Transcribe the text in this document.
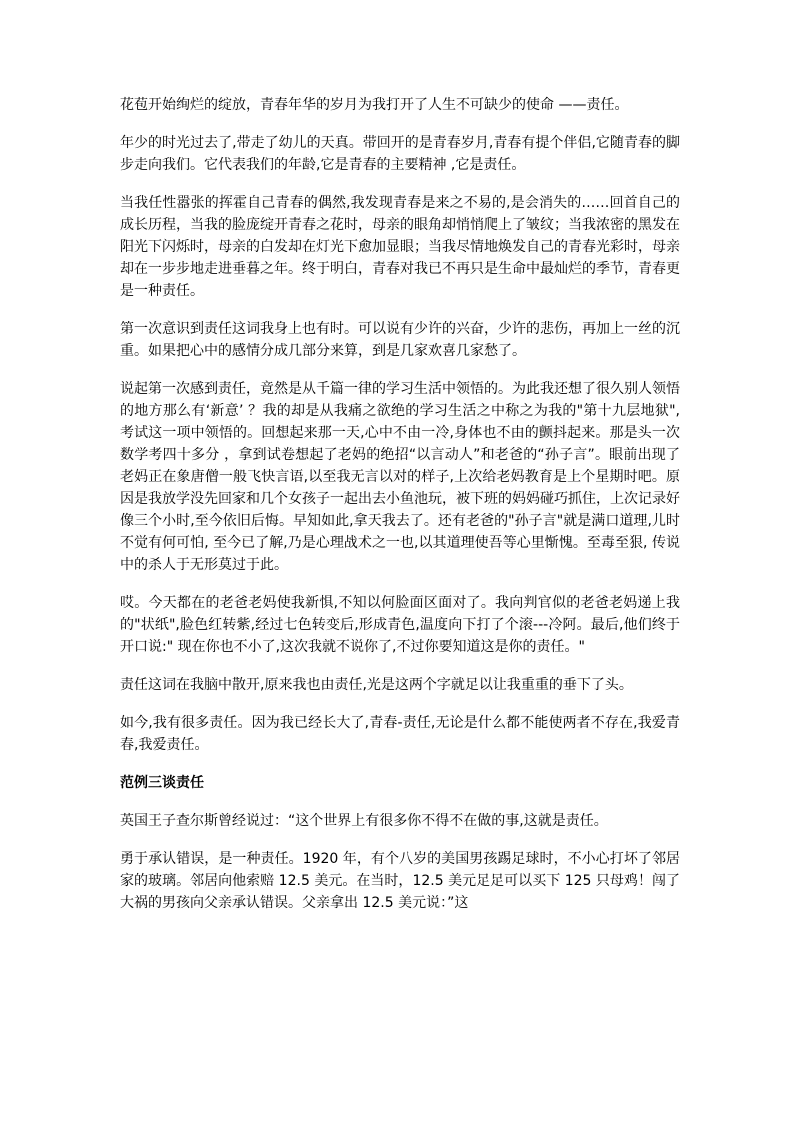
花苞开始绚烂的绽放，青春年华的岁月为我打开了人生不可缺少的使命 ——责任。

年少的时光过去了,带走了幼儿的天真。带回开的是青春岁月,青春有提个伴侣,它随青春的脚步走向我们。它代表我们的年龄,它是青春的主要精神 ,它是责任。

当我任性嚣张的挥霍自己青春的偶然,我发现青春是来之不易的,是会消失的……回首自己的成长历程，当我的脸庞绽开青春之花时，母亲的眼角却悄悄爬上了皱纹；当我浓密的黑发在阳光下闪烁时，母亲的白发却在灯光下愈加显眼；当我尽情地焕发自己的青春光彩时，母亲却在一步步地走进垂暮之年。终于明白，青春对我已不再只是生命中最灿烂的季节，青春更是一种责任。

第一次意识到责任这词我身上也有时。可以说有少许的兴奋，少许的悲伤，再加上一丝的沉重。如果把心中的感情分成几部分来算，到是几家欢喜几家愁了。

说起第一次感到责任，竟然是从千篇一律的学习生活中领悟的。为此我还想了很久别人领悟的地方那么有‘新意’ ？我的却是从我痛之欲绝的学习生活之中称之为我的"第十九层地狱",考试这一项中领悟的。回想起来那一天,心中不由一冷,身体也不由的颤抖起来。那是头一次数学考四十多分 ，拿到试卷想起了老妈的绝招“以言动人”和老爸的“孙子言”。眼前出现了老妈正在象唐僧一般飞快言语,以至我无言以对的样子,上次给老妈教育是上个星期时吧。原因是我放学没先回家和几个女孩子一起出去小鱼池玩，被下班的妈妈碰巧抓住，上次记录好像三个小时,至今依旧后悔。早知如此,拿天我去了。还有老爸的"孙子言"就是满口道理,儿时不觉有何可怕, 至今已了解,乃是心理战术之一也,以其道理使吾等心里惭愧。至毒至狠, 传说中的杀人于无形莫过于此。

哎。今天都在的老爸老妈使我新惧,不知以何脸面区面对了。我向判官似的老爸老妈递上我的"状纸",脸色红转紫,经过七色转变后,形成青色,温度向下打了个滚---冷阿。最后,他们终于开口说:" 现在你也不小了,这次我就不说你了,不过你要知道这是你的责任。"

责任这词在我脑中散开,原来我也由责任,光是这两个字就足以让我重重的垂下了头。

如今,我有很多责任。因为我已经长大了,青春-责任,无论是什么都不能使两者不存在,我爱青春,我爱责任。

范例三谈责任

英国王子查尔斯曾经说过：“这个世界上有很多你不得不在做的事,这就是责任。

勇于承认错误，是一种责任。1920 年，有个八岁的美国男孩踢足球时，不小心打坏了邻居家的玻璃。邻居向他索赔 12.5 美元。在当时，12.5 美元足足可以买下 125 只母鸡！闯了大祸的男孩向父亲承认错误。父亲拿出 12.5 美元说：”这
